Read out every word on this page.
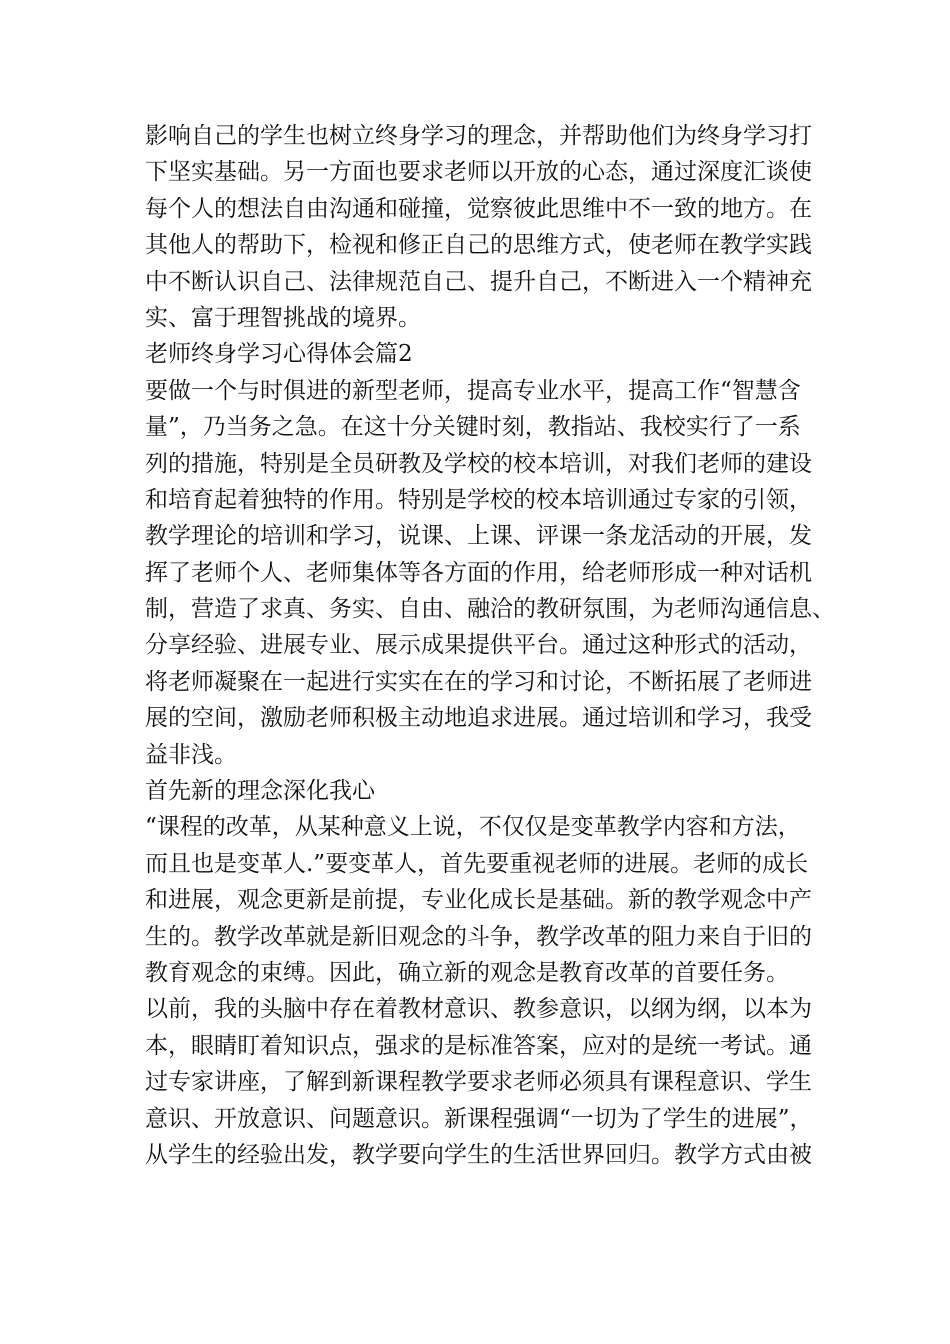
影响自己的学生也树立终身学习的理念，并帮助他们为终身学习打
下坚实基础。另一方面也要求老师以开放的心态，通过深度汇谈使
每个人的想法自由沟通和碰撞，觉察彼此思维中不一致的地方。在
其他人的帮助下，检视和修正自己的思维方式，使老师在教学实践
中不断认识自己、法律规范自己、提升自己，不断进入一个精神充
实、富于理智挑战的境界。
老师终身学习心得体会篇2
要做一个与时俱进的新型老师，提高专业水平，提高工作“智慧含
量”，乃当务之急。在这十分关键时刻，教指站、我校实行了一系
列的措施，特别是全员研教及学校的校本培训，对我们老师的建设
和培育起着独特的作用。特别是学校的校本培训通过专家的引领，
教学理论的培训和学习，说课、上课、评课一条龙活动的开展，发
挥了老师个人、老师集体等各方面的作用，给老师形成一种对话机
制，营造了求真、务实、自由、融洽的教研氛围，为老师沟通信息、
分享经验、进展专业、展示成果提供平台。通过这种形式的活动，
将老师凝聚在一起进行实实在在的学习和讨论，不断拓展了老师进
展的空间，激励老师积极主动地追求进展。通过培训和学习，我受
益非浅。
首先新的理念深化我心
“课程的改革，从某种意义上说，不仅仅是变革教学内容和方法，
而且也是变革人.”要变革人，首先要重视老师的进展。老师的成长
和进展，观念更新是前提，专业化成长是基础。新的教学观念中产
生的。教学改革就是新旧观念的斗争，教学改革的阻力来自于旧的
教育观念的束缚。因此，确立新的观念是教育改革的首要任务。
以前，我的头脑中存在着教材意识、教参意识，以纲为纲，以本为
本，眼睛盯着知识点，强求的是标准答案，应对的是统一考试。通
过专家讲座，了解到新课程教学要求老师必须具有课程意识、学生
意识、开放意识、问题意识。新课程强调“一切为了学生的进展”，
从学生的经验出发，教学要向学生的生活世界回归。教学方式由被
